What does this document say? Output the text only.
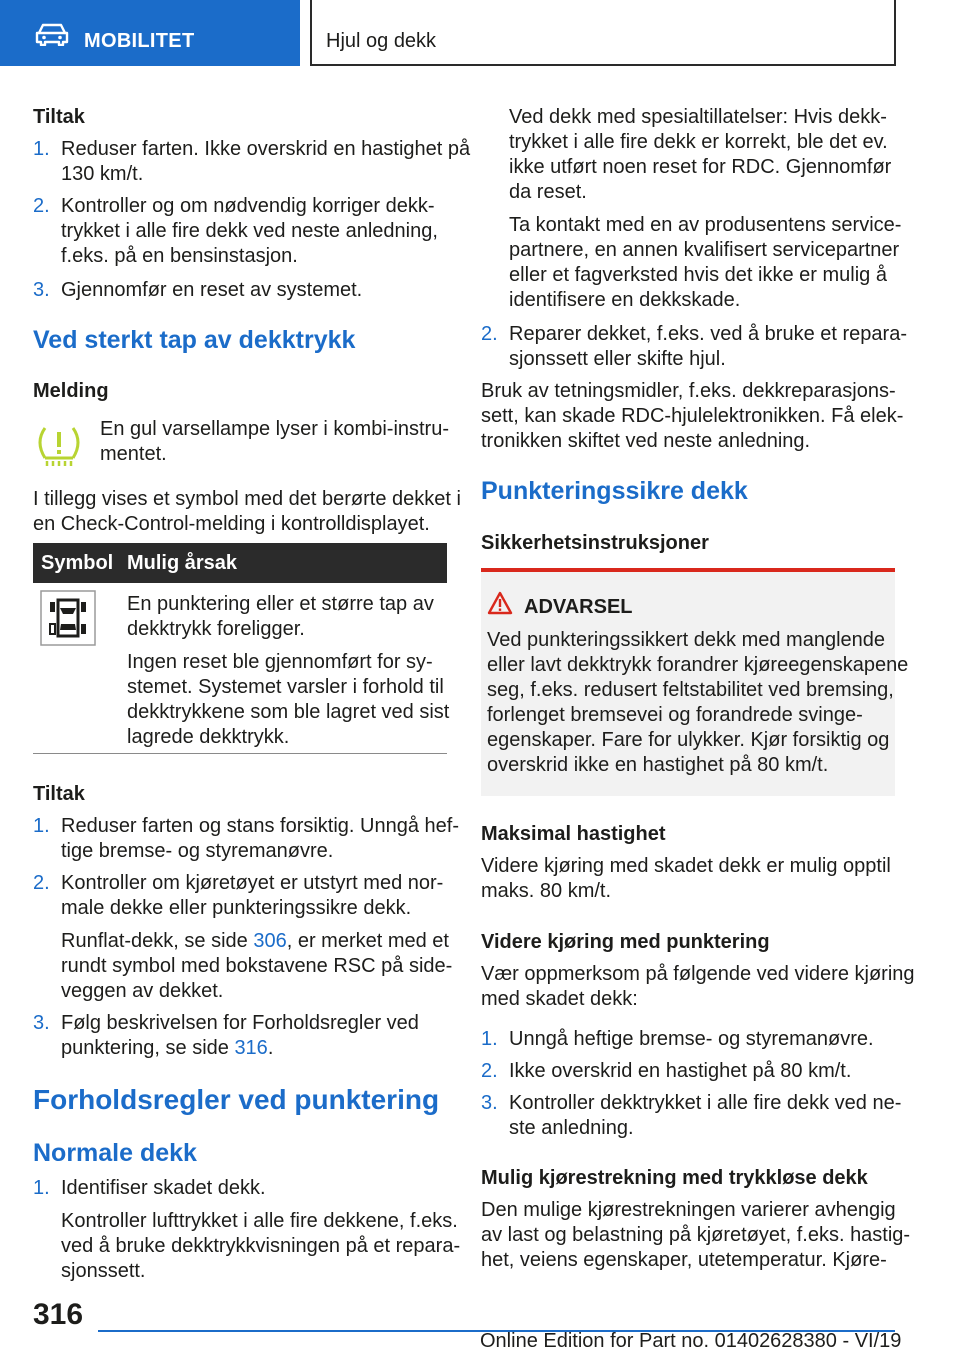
MOBILITET	Hjul og dekk
Tiltak
1. Reduser farten. Ikke overskrid en hastighet på
130 km/t.
2. Kontroller og om nødvendig korriger dekk-
trykket i alle fire dekk ved neste anledning,
f.eks. på en bensinstasjon.
3. Gjennomfør en reset av systemet.
Ved sterkt tap av dekktrykk
Melding
En gul varsellampe lyser i kombi-instru-
mentet.
I tillegg vises et symbol med det berørte dekket i
en Check-Control-melding i kontrolldisplayet.
Symbol Mulig årsak
En punktering eller et større tap av
dekktrykk foreligger.
Ingen reset ble gjennomført for sy-
stemet. Systemet varsler i forhold til
dekktrykkene som ble lagret ved sist
lagrede dekktrykk.
Tiltak
1. Reduser farten og stans forsiktig. Unngå hef-
tige bremse- og styremanøvre.
2. Kontroller om kjøretøyet er utstyrt med nor-
male dekke eller punkteringssikre dekk.
Runflat-dekk, se side 306, er merket med et
rundt symbol med bokstavene RSC på side-
veggen av dekket.
3. Følg beskrivelsen for Forholdsregler ved
punktering, se side 316.
Forholdsregler ved punktering
Normale dekk
1. Identifiser skadet dekk.
Kontroller lufttrykket i alle fire dekkene, f.eks.
ved å bruke dekktrykkvisningen på et repara-
sjonssett.
Ved dekk med spesialtillatelser: Hvis dekk-
trykket i alle fire dekk er korrekt, ble det ev.
ikke utført noen reset for RDC. Gjennomfør
da reset.
Ta kontakt med en av produsentens service-
partnere, en annen kvalifisert servicepartner
eller et fagverksted hvis det ikke er mulig å
identifisere en dekkskade.
2. Reparer dekket, f.eks. ved å bruke et repara-
sjonssett eller skifte hjul.
Bruk av tetningsmidler, f.eks. dekkreparasjons-
sett, kan skade RDC-hjulelektronikken. Få elek-
tronikken skiftet ved neste anledning.
Punkteringssikre dekk
Sikkerhetsinstruksjoner
ADVARSEL
Ved punkteringssikkert dekk med manglende
eller lavt dekktrykk forandrer kjøreegenskapene
seg, f.eks. redusert feltstabilitet ved bremsing,
forlenget bremsevei og forandrede svinge-
egenskaper. Fare for ulykker. Kjør forsiktig og
overskrid ikke en hastighet på 80 km/t.
Maksimal hastighet
Videre kjøring med skadet dekk er mulig opptil
maks. 80 km/t.
Videre kjøring med punktering
Vær oppmerksom på følgende ved videre kjøring
med skadet dekk:
1. Unngå heftige bremse- og styremanøvre.
2. Ikke overskrid en hastighet på 80 km/t.
3. Kontroller dekktrykket i alle fire dekk ved ne-
ste anledning.
Mulig kjørestrekning med trykkløse dekk
Den mulige kjørestrekningen varierer avhengig
av last og belastning på kjøretøyet, f.eks. hastig-
het, veiens egenskaper, utetemperatur. Kjøre-
316
Online Edition for Part no. 01402628380 - VI/19
